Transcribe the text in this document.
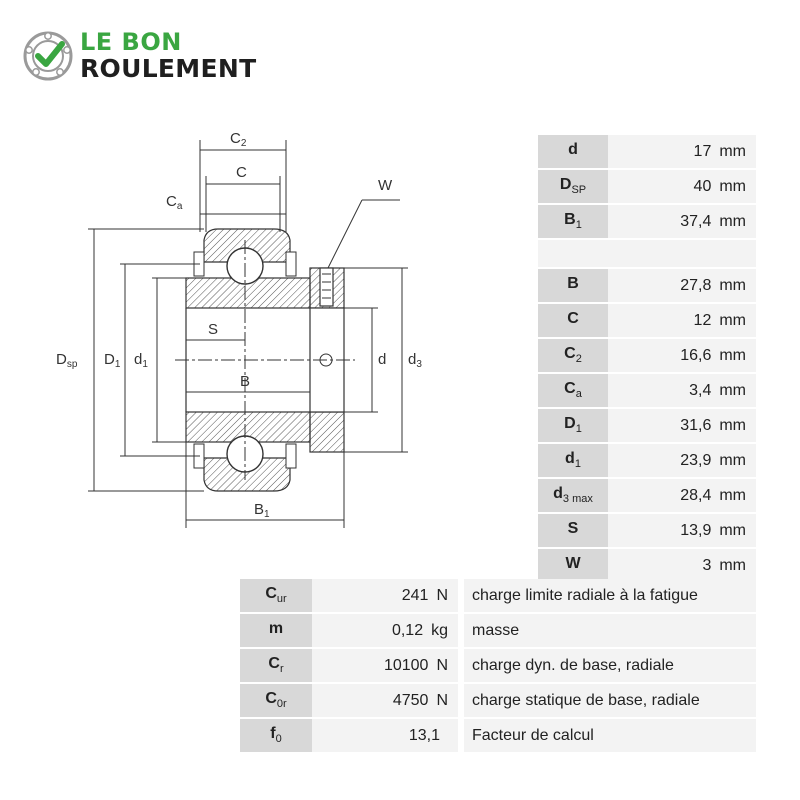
LE BON
ROULEMENT
$C_2$
C
$C_a$
W
S
B
$D_{sp}$ $D_1$ $d_1$	d $d_3$
$B_1$
d	17 mm
$D_{SP}$	40 mm
$B_1$	37,4 mm

B	27,8 mm
C	12 mm
$C_2$	16,6 mm
$C_a$	3,4 mm
$D_1$	31,6 mm
$d_1$	23,9 mm
$d_{3 max}$	28,4 mm
S	13,9 mm
W	3 mm
$C_{ur}$	241 N	charge limite radiale à la fatigue
m	0,12 kg	masse
$C_r$	10100 N	charge dyn. de base, radiale
$C_{0r}$	4750 N	charge statique de base, radiale
$f_0$	13,1	Facteur de calcul
